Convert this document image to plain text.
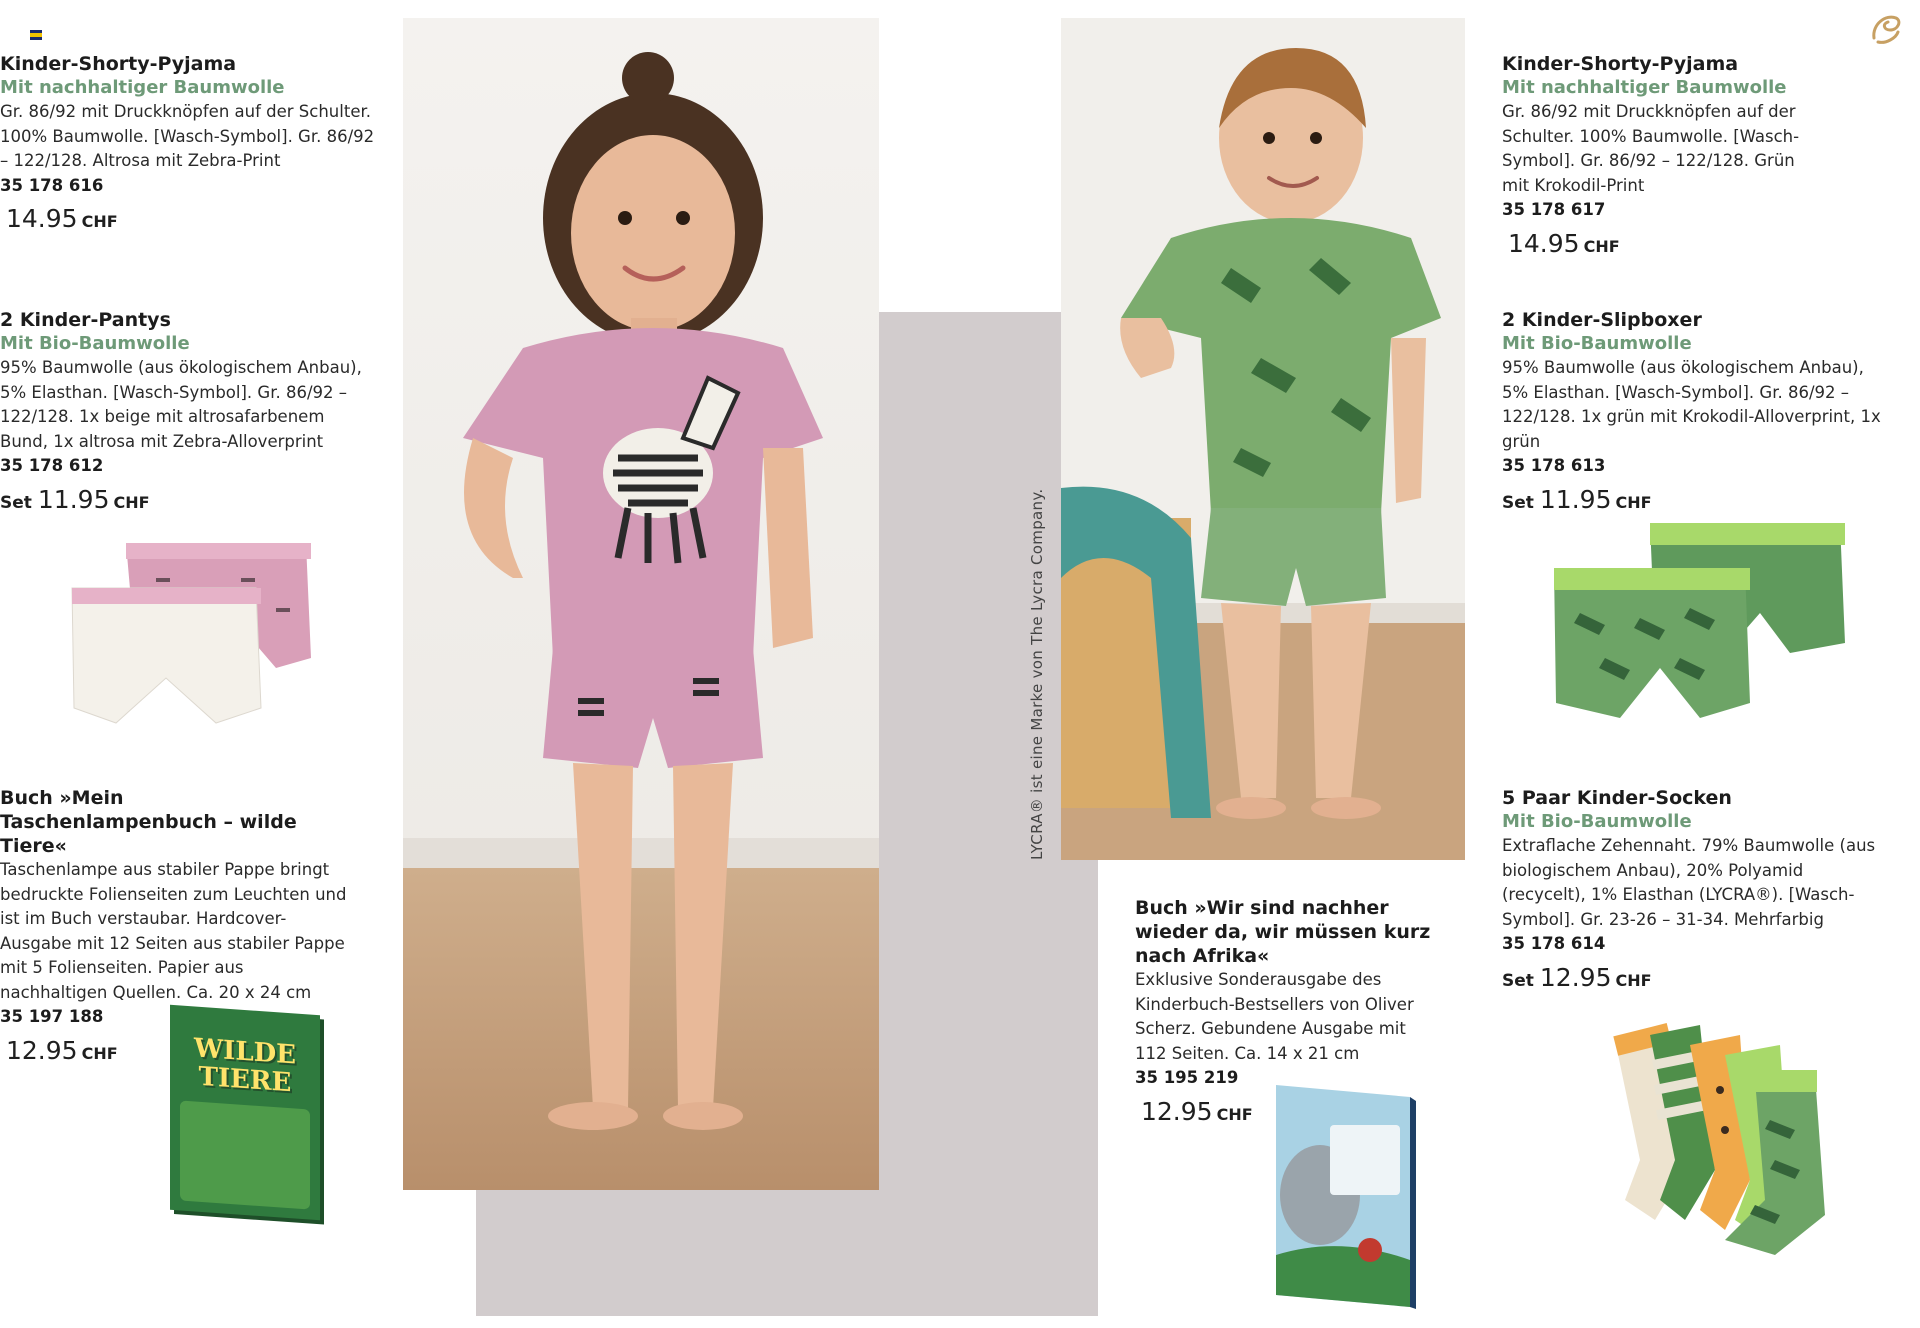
LYCRA® ist eine Marke von The Lycra Company.

Kinder-Shorty-Pyjama

Mit nachhaltiger Baumwolle

Gr. 86/92 mit Druckknöpfen auf der Schulter. 100% Baumwolle. [Wasch-Symbol]. Gr. 86/92 – 122/128. Altrosa mit Zebra-Print

35 178 616

14.95 CHF

2 Kinder-Pantys

Mit Bio-Baumwolle

95% Baumwolle (aus ökologischem Anbau), 5% Elasthan. [Wasch-Symbol]. Gr. 86/92 – 122/128. 1x beige mit altrosafarbenem Bund, 1x altrosa mit Zebra-Alloverprint

35 178 612

Set 11.95 CHF

Buch »Mein Taschenlampenbuch – wilde Tiere«

Taschenlampe aus stabiler Pappe bringt bedruckte Folienseiten zum Leuchten und ist im Buch verstaubar. Hardcover-Ausgabe mit 12 Seiten aus stabiler Pappe mit 5 Folienseiten. Papier aus nachhaltigen Quellen. Ca. 20 x 24 cm

35 197 188

12.95 CHF	WILDE TIERE

Kinder-Shorty-Pyjama

Mit nachhaltiger Baumwolle

Gr. 86/92 mit Druckknöpfen auf der Schulter. 100% Baumwolle. [Wasch-Symbol]. Gr. 86/92 – 122/128. Grün mit Krokodil-Print

35 178 617

14.95 CHF

2 Kinder-Slipboxer

Mit Bio-Baumwolle

95% Baumwolle (aus ökologischem Anbau), 5% Elasthan. [Wasch-Symbol]. Gr. 86/92 – 122/128. 1x grün mit Krokodil-Alloverprint, 1x grün

35 178 613

Set 11.95 CHF

5 Paar Kinder-Socken

Mit Bio-Baumwolle

Extraflache Zehennaht. 79% Baumwolle (aus biologischem Anbau), 20% Polyamid (recycelt), 1% Elasthan (LYCRA®). [Wasch-Symbol]. Gr. 23-26 – 31-34. Mehrfarbig

35 178 614

Set 12.95 CHF

Buch »Wir sind nachher wieder da, wir müssen kurz nach Afrika«

Exklusive Sonderausgabe des Kinderbuch-Bestsellers von Oliver Scherz. Gebundene Ausgabe mit 112 Seiten. Ca. 14 x 21 cm

35 195 219

12.95 CHF
